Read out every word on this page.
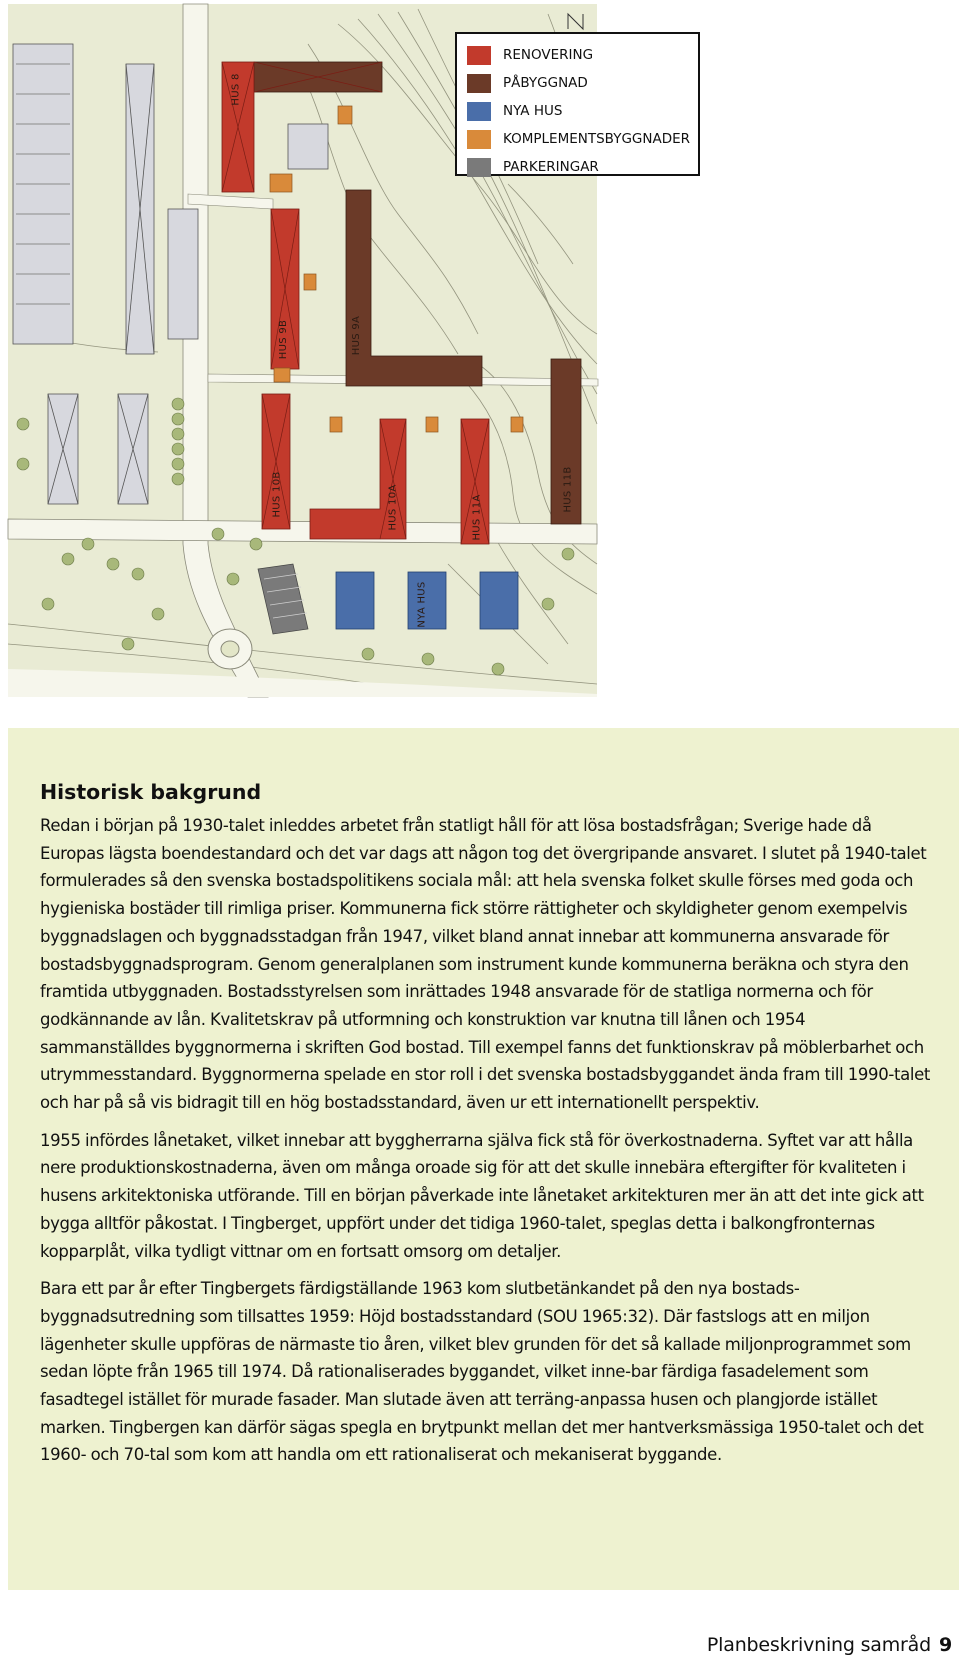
HUS 8
HUS 9A
HUS 9B
HUS 10A
HUS 10B	HUS 11A
HUS 11B
NYA HUS
RENOVERING
PÅBYGGNAD
NYA HUS
KOMPLEMENTSBYGGNADER
PARKERINGAR
Historisk bakgrund

Redan i början på 1930-talet inleddes arbetet från statligt håll för att lösa bostadsfrågan; Sverige hade då Europas lägsta boendestandard och det var dags att någon tog det övergripande ansvaret. I slutet på 1940-talet formulerades så den svenska bostadspolitikens sociala mål: att hela svenska folket skulle förses med goda och hygieniska bostäder till rimliga priser. Kommunerna fick större rättigheter och skyldigheter genom exempelvis byggnadslagen och byggnadsstadgan från 1947, vilket bland annat innebar att kommunerna ansvarade för bostadsbyggnadsprogram. Genom generalplanen som instrument kunde kommunerna beräkna och styra den framtida utbyggnaden. Bostadsstyrelsen som inrättades 1948 ansvarade för de statliga normerna och för godkännande av lån. Kvalitetskrav på utformning och konstruktion var knutna till lånen och 1954 sammanställdes byggnormerna i skriften God bostad. Till exempel fanns det funktionskrav på möblerbarhet och utrymmesstandard. Byggnormerna spelade en stor roll i det svenska bostadsbyggandet ända fram till 1990-talet och har på så vis bidragit till en hög bostadsstandard, även ur ett internationellt perspektiv.

1955 infördes lånetaket, vilket innebar att byggherrarna själva fick stå för överkostnaderna. Syftet var att hålla nere produktionskostnaderna, även om många oroade sig för att det skulle innebära eftergifter för kvaliteten i husens arkitektoniska utförande. Till en början påverkade inte lånetaket arkitekturen mer än att det inte gick att bygga alltför påkostat. I Tingberget, uppfört under det tidiga 1960-talet, speglas detta i balkongfronternas kopparplåt, vilka tydligt vittnar om en fortsatt omsorg om detaljer.

Bara ett par år efter Tingbergets färdigställande 1963 kom slutbetänkandet på den nya bostads-byggnadsutredning som tillsattes 1959: Höjd bostadsstandard (SOU 1965:32). Där fastslogs att en miljon lägenheter skulle uppföras de närmaste tio åren, vilket blev grunden för det så kallade miljonprogrammet som sedan löpte från 1965 till 1974. Då rationaliserades byggandet, vilket inne-bar färdiga fasadelement som fasadtegel istället för murade fasader. Man slutade även att terräng-anpassa husen och plangjorde istället marken. Tingbergen kan därför sägas spegla en brytpunkt mellan det mer hantverksmässiga 1950-talet och det 1960- och 70-tal som kom att handla om ett rationaliserat och mekaniserat byggande.

Planbeskrivning samråd 9
